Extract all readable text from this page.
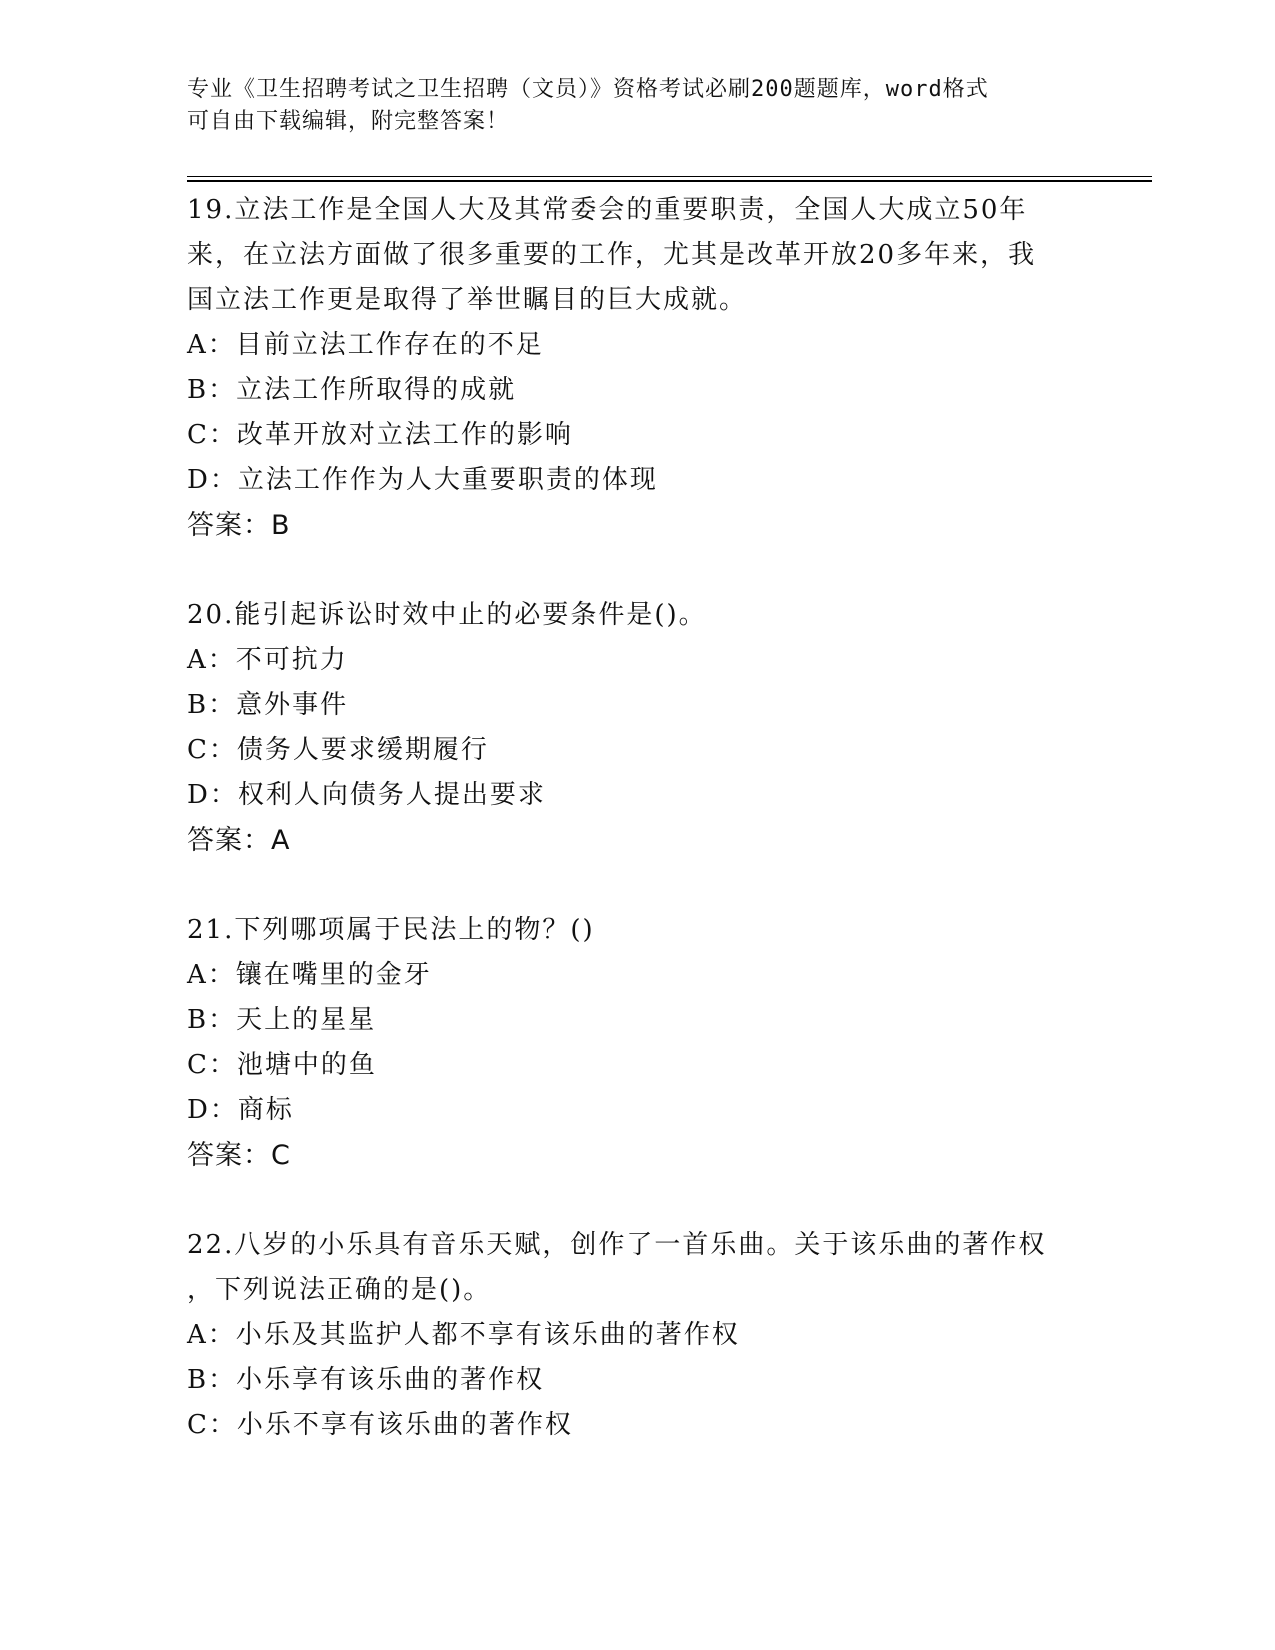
专业《卫生招聘考试之卫生招聘（文员）》资格考试必刷200题题库，word格式
可自由下载编辑，附完整答案！
19.立法工作是全国人大及其常委会的重要职责，全国人大成立50年
来，在立法方面做了很多重要的工作，尤其是改革开放20多年来，我
国立法工作更是取得了举世瞩目的巨大成就。
A：目前立法工作存在的不足
B：立法工作所取得的成就
C：改革开放对立法工作的影响
D：立法工作作为人大重要职责的体现
答案：B
20.能引起诉讼时效中止的必要条件是()。
A：不可抗力
B：意外事件
C：债务人要求缓期履行
D：权利人向债务人提出要求
答案：A
21.下列哪项属于民法上的物？()
A：镶在嘴里的金牙
B：天上的星星
C：池塘中的鱼
D：商标
答案：C
22.八岁的小乐具有音乐天赋，创作了一首乐曲。关于该乐曲的著作权
，下列说法正确的是()。
A：小乐及其监护人都不享有该乐曲的著作权
B：小乐享有该乐曲的著作权
C：小乐不享有该乐曲的著作权
